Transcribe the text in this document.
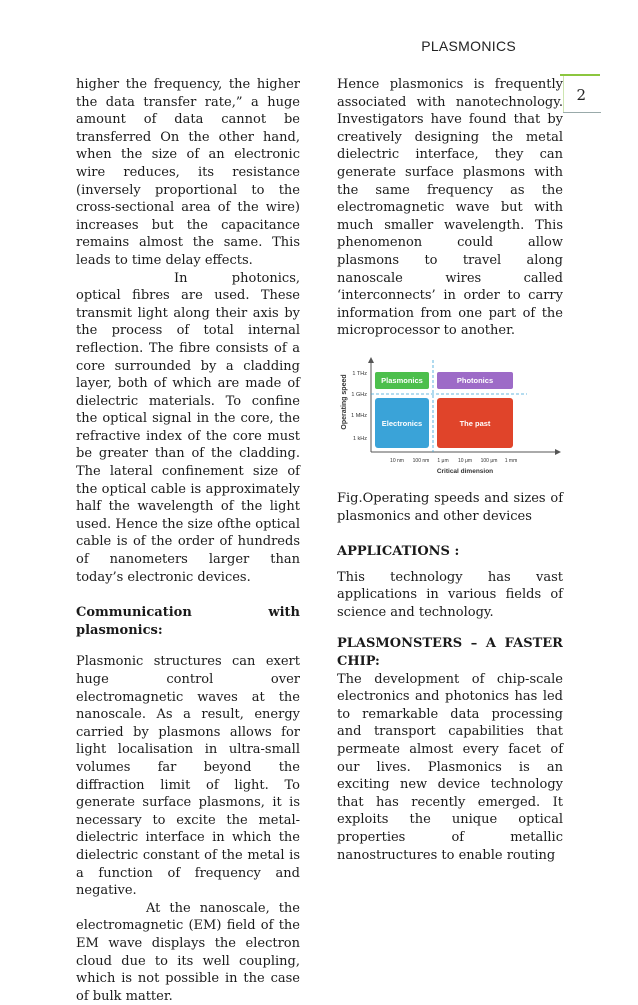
PLASMONICS
2

higher the frequency, the higher the data transfer rate,” a huge amount of data cannot be transferred On the other hand, when the size of an electronic wire reduces, its resistance (inversely proportional to the cross-sectional area of the wire) increases but the capacitance remains almost the same. This leads to time delay effects.

In photonics, optical fibres are used. These transmit light along their axis by the process of total internal reflection. The fibre consists of a core surrounded by a cladding layer, both of which are made of dielectric materials. To confine the optical signal in the core, the refractive index of the core must be greater than of the cladding. The lateral confinement size of the optical cable is approximately half the wavelength of the light used. Hence the size ofthe optical cable is of the order of hundreds of nanometers larger than today’s electronic devices.

Communication with plasmonics:

Plasmonic structures can exert huge control over electromagnetic waves at the nanoscale. As a result, energy carried by plasmons allows for light localisation in ultra-small volumes far beyond the diffraction limit of light. To generate surface plasmons, it is necessary to excite the metal-dielectric interface in which the dielectric constant of the metal is a function of frequency and negative.

At the nanoscale, the electromagnetic (EM) field of the EM wave displays the electron cloud due to its well coupling, which is not possible in the case of bulk matter.

Hence plasmonics is frequently associated with nanotechnology. Investigators have found that by creatively designing the metal dielectric interface, they can generate surface plasmons with the same frequency as the electromagnetic wave but with much smaller wavelength. This phenomenon could allow plasmons to travel along nanoscale wires called ‘interconnects’ in order to carry information from one part of the microprocessor to another.

Operating speed
1 THz
1 GHz
1 MHz
1 kHz
Plasmonics	Photonics
Electronics	The past
10 nm 100 nm 1 μm 10 μm 100 μm 1 mm
Critical dimension

Fig.Operating speeds and sizes of plasmonics and other devices

APPLICATIONS :

This technology has vast applications in various fields of science and technology.

PLASMONSTERS – A FASTER CHIP:

The development of chip-scale electronics and photonics has led to remarkable data processing and transport capabilities that permeate almost every facet of our lives. Plasmonics is an exciting new device technology that has recently emerged. It exploits the unique optical properties of metallic nanostructures to enable routing
